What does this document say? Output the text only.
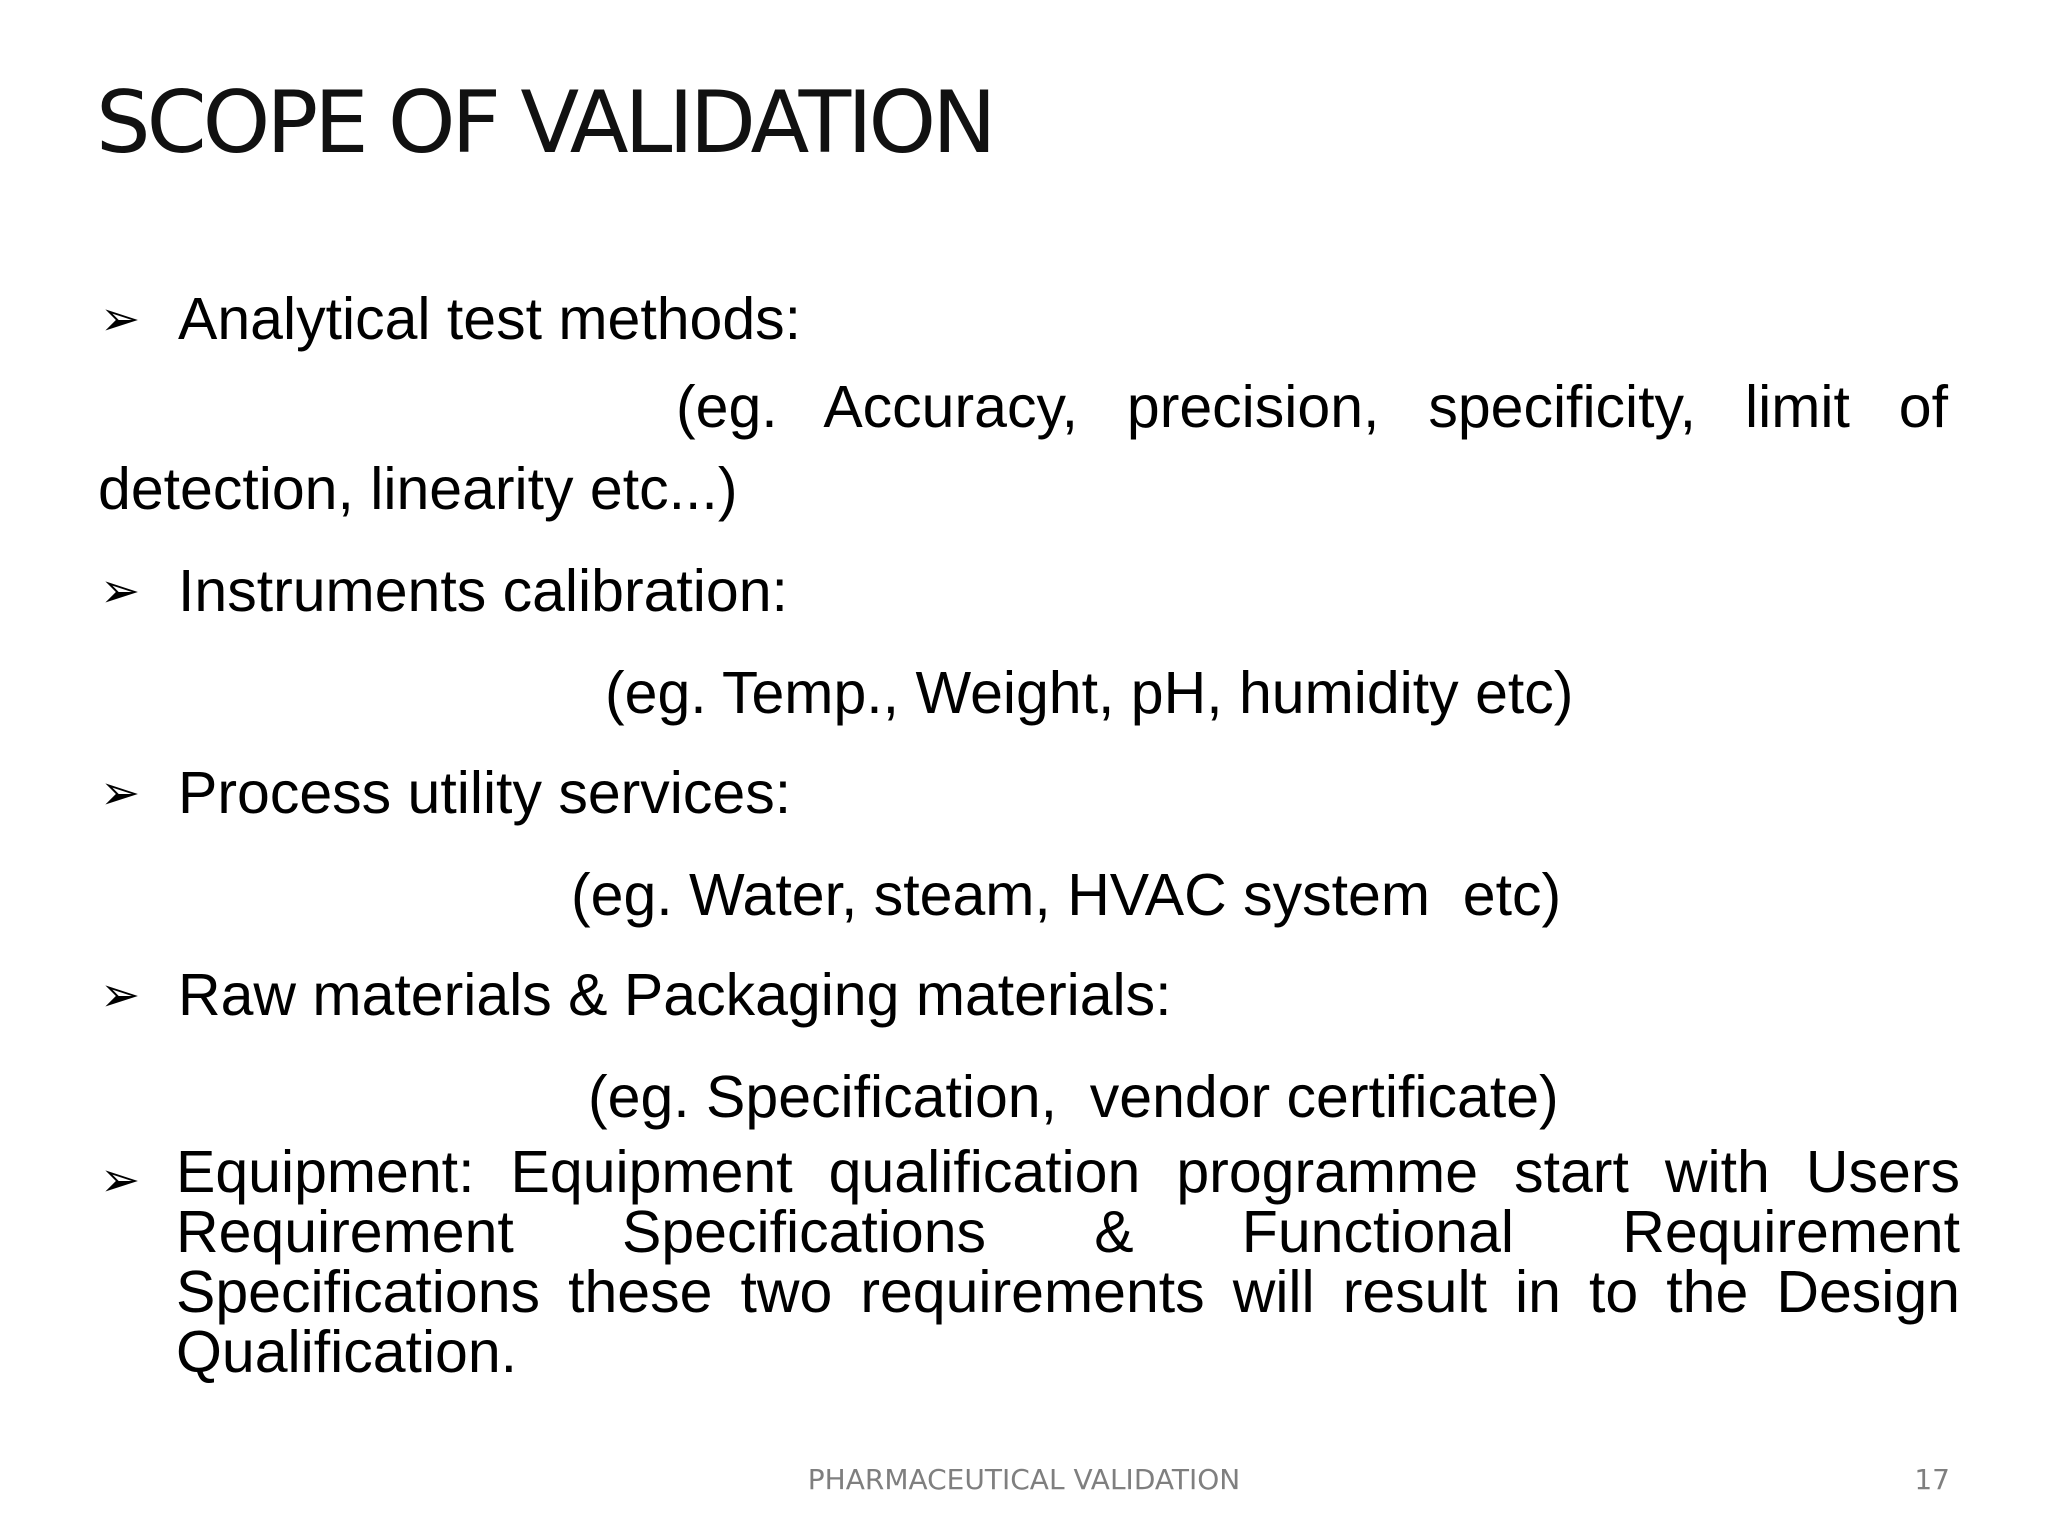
SCOPE OF VALIDATION
➢ Analytical test methods:
(eg. Accuracy, precision, specificity, limit of
detection, linearity etc...)
➢ Instruments calibration:
(eg. Temp., Weight, pH, humidity etc)
➢ Process utility services:
(eg. Water, steam, HVAC system  etc)
➢ Raw materials & Packaging materials:
(eg. Specification,  vendor certificate)
➢ Equipment: Equipment qualification programme start with Users Requirement Specifications & Functional Requirement Specifications these two requirements will result in to the Design Qualification.
PHARMACEUTICAL VALIDATION	17
